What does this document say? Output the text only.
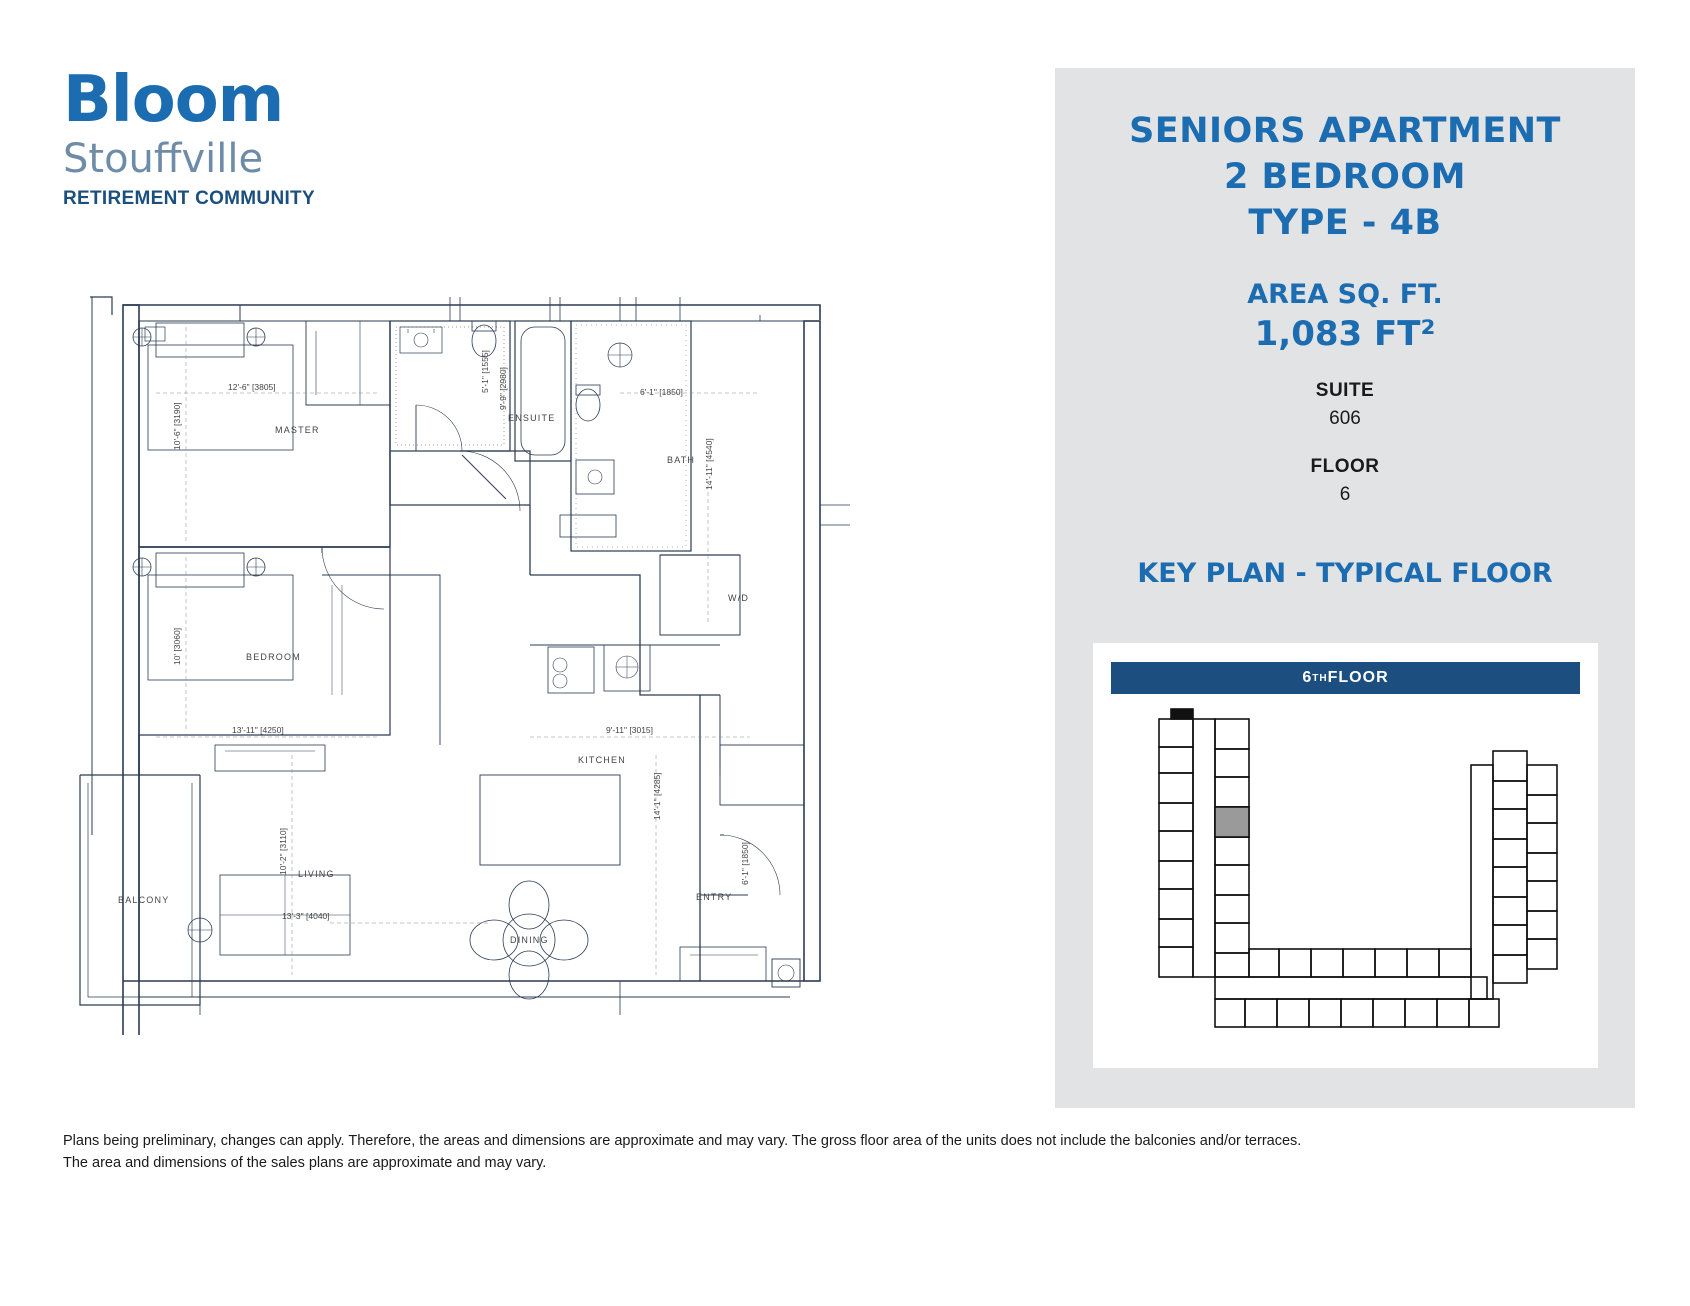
Bloom
Stouffville
RETIREMENT COMMUNITY
MASTER
ENSUITE
BATH
W/D
BEDROOM
KITCHEN
LIVING
DINING
ENTRY
BALCONY
12'-6" [3805]
10'-6" [3190]
5'-1" [1555] 9'-9" [2980]	6'-1" [1850]
14'-11" [4540]
10' [3060]
13'-11" [4250]	9'-11" [3015]
14'-1" [4285]
10'-2" [3110]
13'-3" [4040]
6'-1" [1850]
SENIORS APARTMENT
2 BEDROOM
TYPE - 4B
AREA SQ. FT.
1,083 FT²
SUITE
606
FLOOR
6
KEY PLAN - TYPICAL FLOOR
6 TH FLOOR
Plans being preliminary, changes can apply. Therefore, the areas and dimensions are approximate and may vary. The gross floor area of the units does not include the balconies and/or terraces.
The area and dimensions of the sales plans are approximate and may vary.
